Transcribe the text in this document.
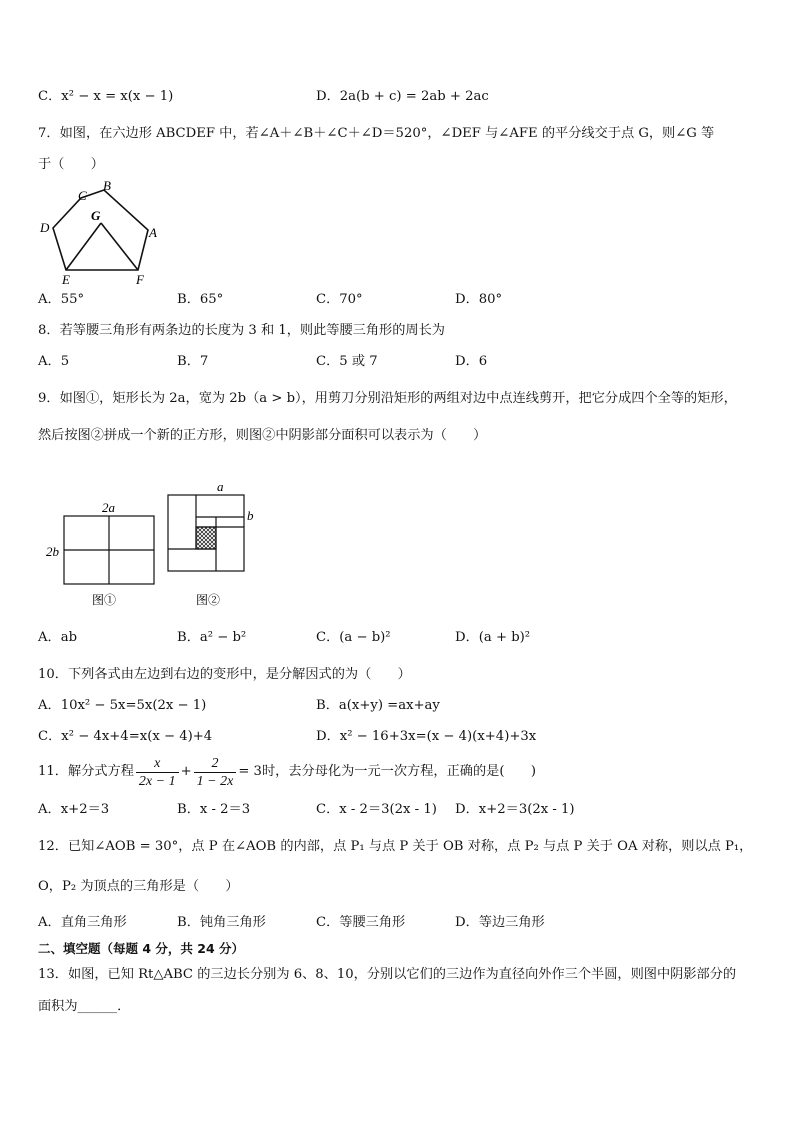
C．x² − x = x(x − 1)	D．2a(b + c) = 2ab + 2ac
7．如图，在六边形 ABCDEF 中，若∠A＋∠B＋∠C＋∠D＝520°，∠DEF 与∠AFE 的平分线交于点 G，则∠G 等
于（　　）
C
B
G
D	A
E	F
A．55°	B．65°	C．70°	D．80°
8．若等腰三角形有两条边的长度为 3 和 1，则此等腰三角形的周长为
A．5	B．7	C．5 或 7	D．6
9．如图①，矩形长为 2a，宽为 2b（a > b），用剪刀分别沿矩形的两组对边中点连线剪开，把它分成四个全等的矩形，
然后按图②拼成一个新的正方形，则图②中阴影部分面积可以表示为（　　）
2a
2b
图①
a
b
图②
A．ab	B．a² − b²	C．(a − b)²	D．(a + b)²
10．下列各式由左边到右边的变形中，是分解因式的为（　　）
A．10x² − 5x=5x(2x − 1)	B．a(x+y) =ax+ay
C．x² − 4x+4=x(x − 4)+4	D．x² − 16+3x=(x − 4)(x+4)+3x
11．解分式方程 $\frac{x}{2x - 1} + \frac{2}{1 - 2x} = 3$时，去分母化为一元一次方程，正确的是(　　)
A．x+2＝3	B．x - 2＝3	C．x - 2＝3(2x - 1) D．x+2＝3(2x - 1)
12．已知∠AOB = 30°，点 P 在∠AOB 的内部，点 P₁ 与点 P 关于 OB 对称，点 P₂ 与点 P 关于 OA 对称，则以点 P₁，
O，P₂ 为顶点的三角形是（　　）
A．直角三角形	B．钝角三角形	C．等腰三角形	D．等边三角形
二、填空题（每题 4 分，共 24 分）
13．如图，已知 Rt△ABC 的三边长分别为 6、8、10，分别以它们的三边作为直径向外作三个半圆，则图中阴影部分的
面积为______．
